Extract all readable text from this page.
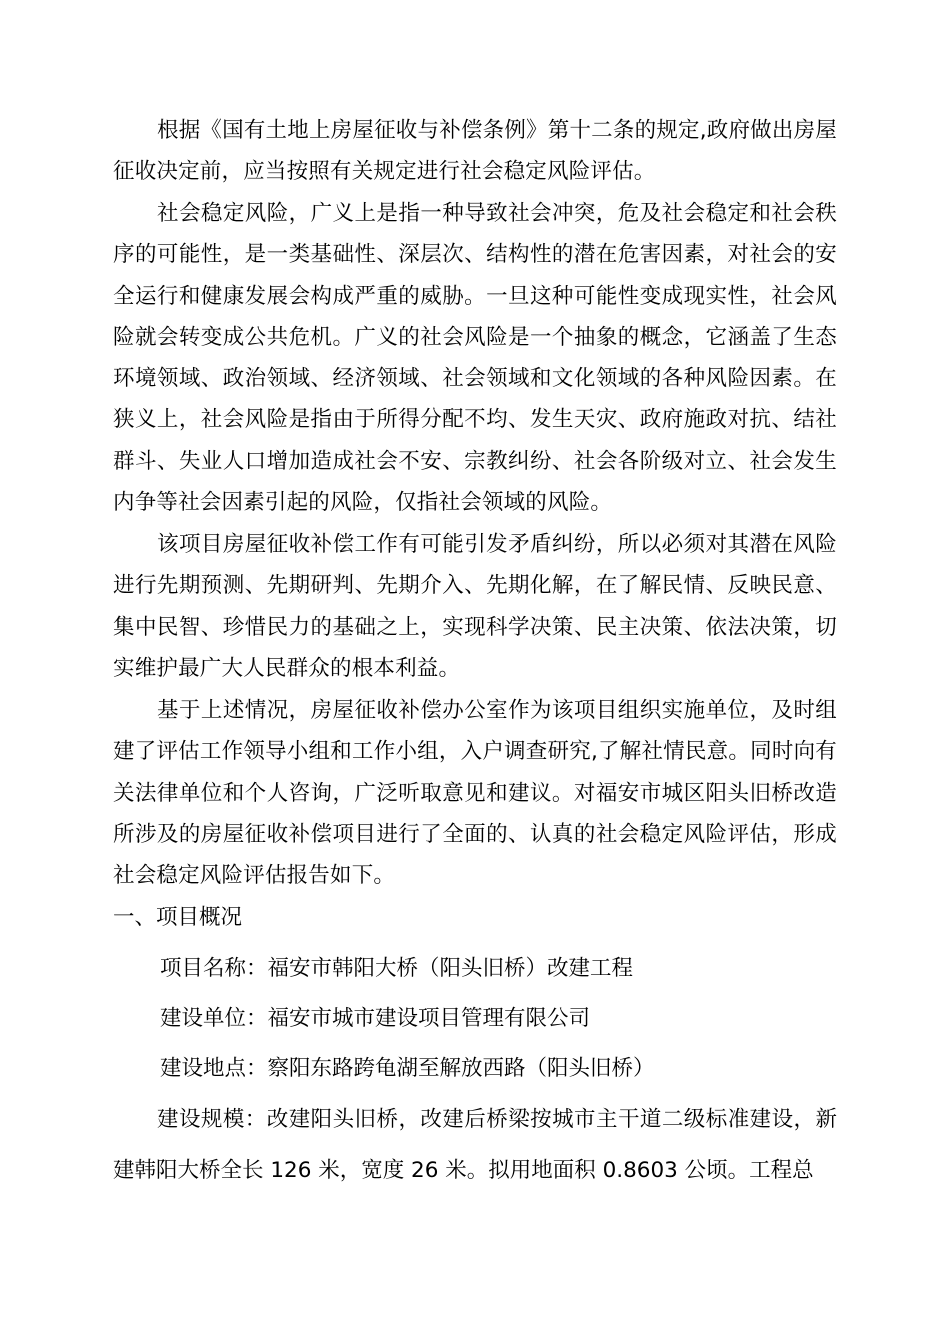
根据《国有土地上房屋征收与补偿条例》第十二条的规定,政府做出房屋征收决定前，应当按照有关规定进行社会稳定风险评估。

社会稳定风险，广义上是指一种导致社会冲突，危及社会稳定和社会秩序的可能性，是一类基础性、深层次、结构性的潜在危害因素，对社会的安全运行和健康发展会构成严重的威胁。一旦这种可能性变成现实性，社会风险就会转变成公共危机。广义的社会风险是一个抽象的概念，它涵盖了生态环境领域、政治领域、经济领域、社会领域和文化领域的各种风险因素。在狭义上，社会风险是指由于所得分配不均、发生天灾、政府施政对抗、结社群斗、失业人口增加造成社会不安、宗教纠纷、社会各阶级对立、社会发生内争等社会因素引起的风险，仅指社会领域的风险。

该项目房屋征收补偿工作有可能引发矛盾纠纷，所以必须对其潜在风险进行先期预测、先期研判、先期介入、先期化解，在了解民情、反映民意、集中民智、珍惜民力的基础之上，实现科学决策、民主决策、依法决策，切实维护最广大人民群众的根本利益。

基于上述情况，房屋征收补偿办公室作为该项目组织实施单位，及时组建了评估工作领导小组和工作小组，入户调查研究,了解社情民意。同时向有关法律单位和个人咨询，广泛听取意见和建议。对福安市城区阳头旧桥改造所涉及的房屋征收补偿项目进行了全面的、认真的社会稳定风险评估，形成社会稳定风险评估报告如下。

一、项目概况

项目名称：福安市韩阳大桥（阳头旧桥）改建工程

建设单位：福安市城市建设项目管理有限公司

建设地点：察阳东路跨龟湖至解放西路（阳头旧桥）

建设规模：改建阳头旧桥，改建后桥梁按城市主干道二级标准建设，新建韩阳大桥全长 126 米，宽度 26 米。拟用地面积 0.8603 公顷。工程总
